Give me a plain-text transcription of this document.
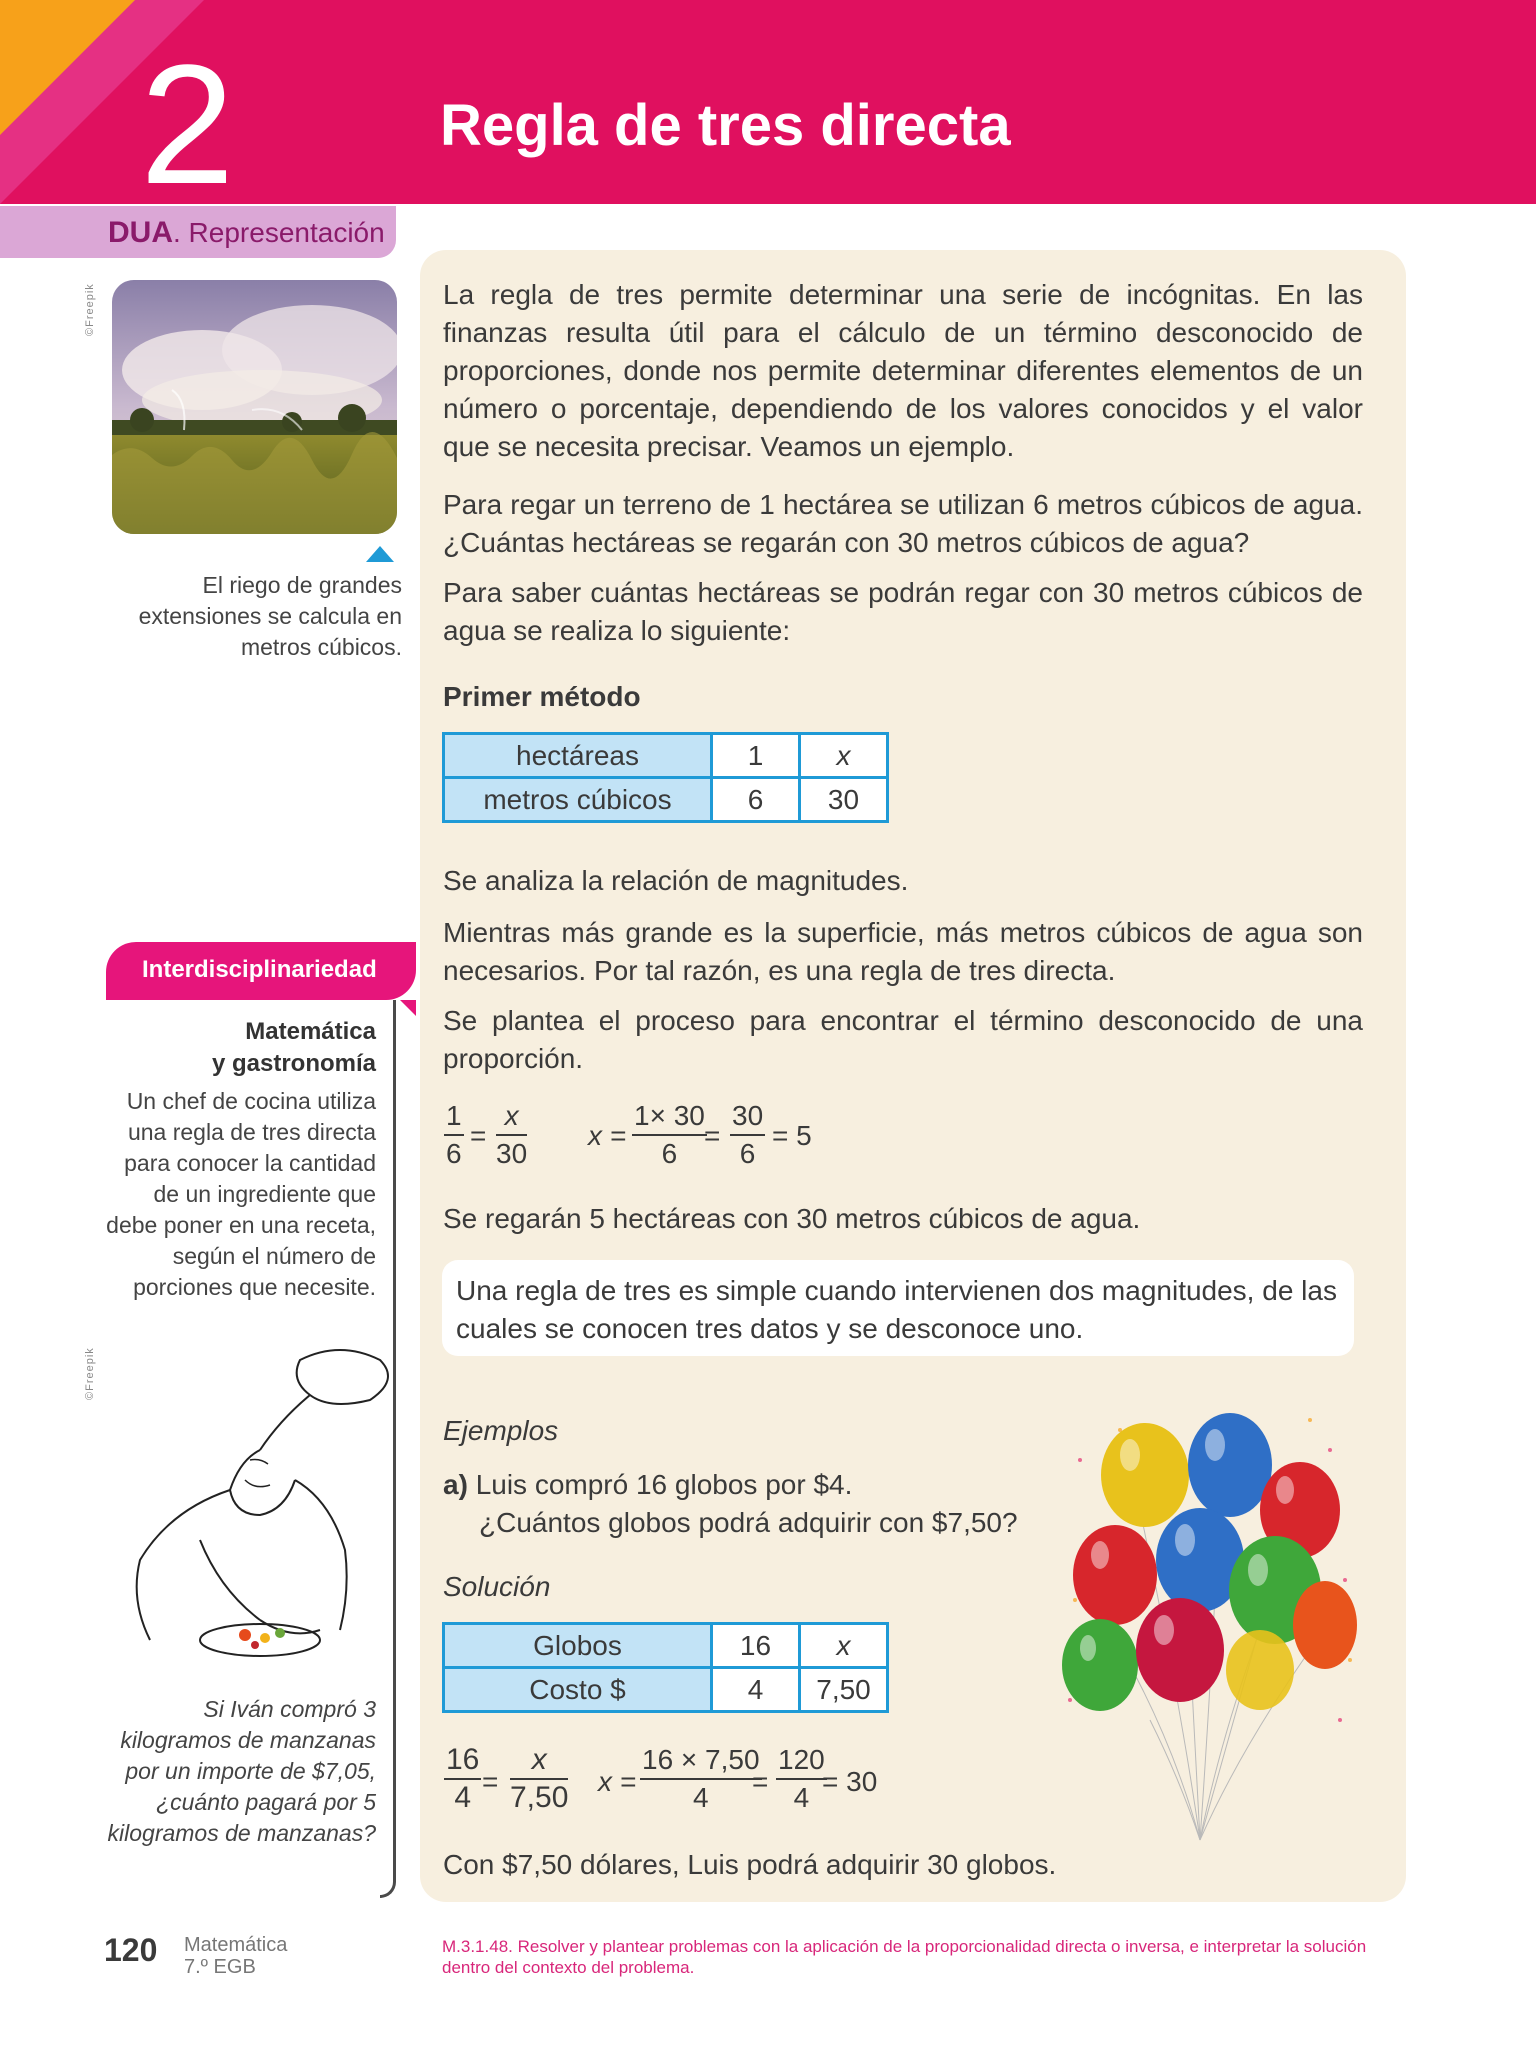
2	Regla de tres directa
DUA. Representación
©Freepik
©Freepik
El riego de grandes extensiones se calcula en metros cúbicos.
La regla de tres permite determinar una serie de incógnitas. En las finanzas resulta útil para el cálculo de un término desconocido de proporciones, donde nos permite determinar diferentes elementos de un número o porcentaje, dependiendo de los valores conocidos y el valor que se necesita precisar. Veamos un ejemplo.
Para regar un terreno de 1 hectárea se utilizan 6 metros cúbicos de agua. ¿Cuántas hectáreas se regarán con 30 metros cúbicos de agua?
Para saber cuántas hectáreas se podrán regar con 30 metros cúbicos de agua se realiza lo siguiente:
Primer método
hectáreas	1	x
metros cúbicos	6	30
Se analiza la relación de magnitudes.
Mientras más grande es la superficie, más metros cúbicos de agua son necesarios. Por tal razón, es una regla de tres directa.
Se plantea el proceso para encontrar el término desconocido de una proporción.
1
6
=
x
30
x =
1× 30
6
=
30
6
= 5
Se regarán 5 hectáreas con 30 metros cúbicos de agua.
Una regla de tres es simple cuando intervienen dos magnitudes, de las cuales se conocen tres datos y se desconoce uno.
Ejemplos
a) Luis compró 16 globos por $4.
¿Cuántos globos podrá adquirir con $7,50?
Solución
Globos	16	x
Costo $	4	7,50
16
4 =
x
7,50 x =
16 × 7,50
4
=
120
4
= 30
Con $7,50 dólares, Luis podrá adquirir 30 globos.
Interdisciplinariedad
Matemática
y gastronomía
Un chef de cocina utiliza una regla de tres directa para conocer la cantidad de un ingrediente que debe poner en una receta, según el número de porciones que necesite.
Si Iván compró 3 kilogramos de manzanas por un importe de $7,05, ¿cuánto pagará por 5 kilogramos de manzanas?
120 Matemática
7.º EGB
M.3.1.48. Resolver y plantear problemas con la aplicación de la proporcionalidad directa o inversa, e interpretar la solución dentro del contexto del problema.
